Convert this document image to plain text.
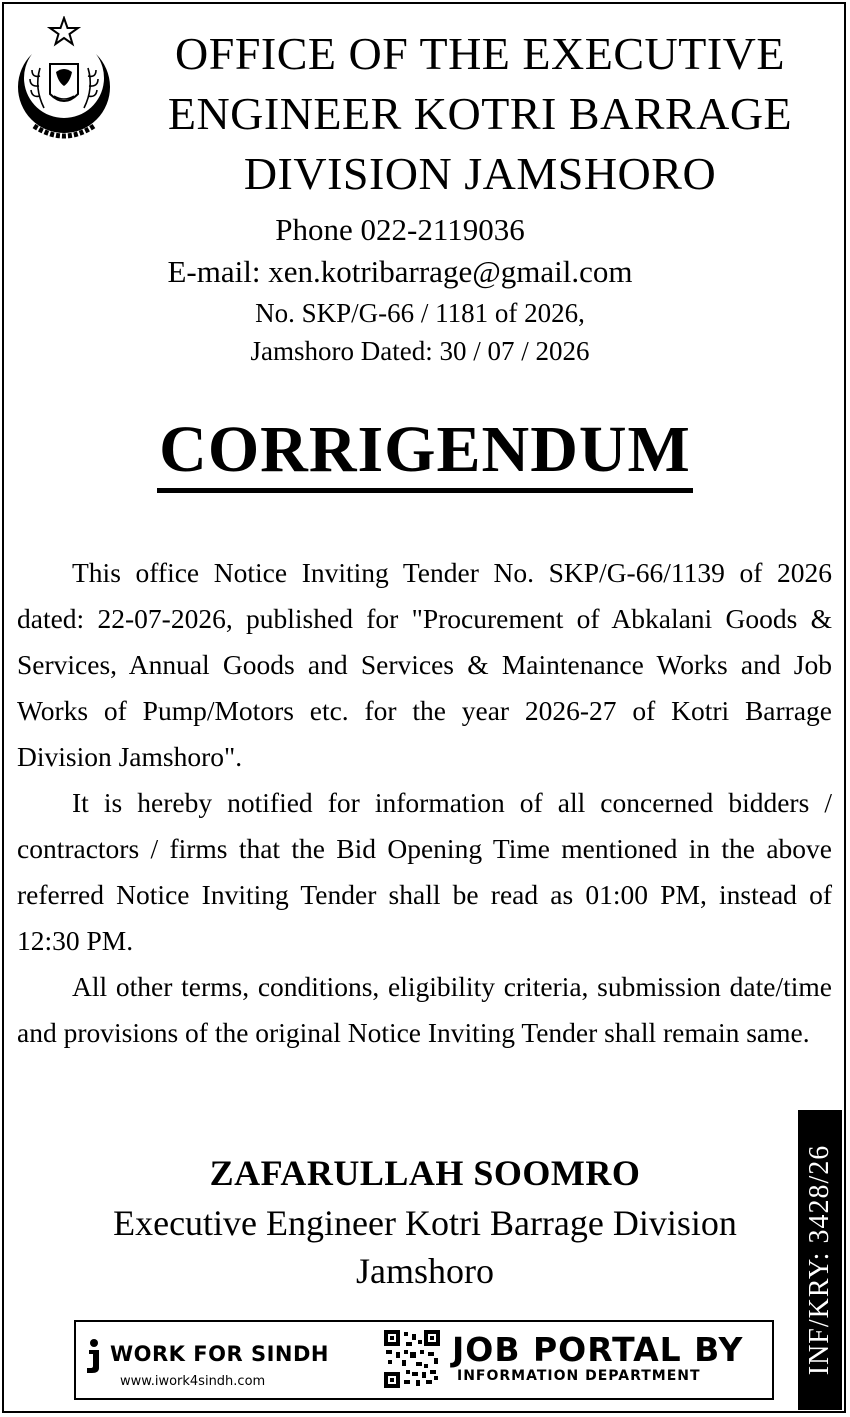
OFFICE OF THE EXECUTIVE
ENGINEER KOTRI BARRAGE
DIVISION JAMSHORO
Phone 022-2119036
E-mail: xen.kotribarrage@gmail.com
No. SKP/G-66 / 1181 of 2026,
Jamshoro Dated: 30 / 07 / 2026
CORRIGENDUM

This office Notice Inviting Tender No. SKP/G-66/1139 of 2026 dated: 22-07-2026, published for "Procurement of Abkalani Goods & Services, Annual Goods and Services & Maintenance Works and Job Works of Pump/Motors etc. for the year 2026-27 of Kotri Barrage Division Jamshoro".

It is hereby notified for information of all concerned bidders / contractors / firms that the Bid Opening Time mentioned in the above referred Notice Inviting Tender shall be read as 01:00 PM, instead of 12:30 PM.

All other terms, conditions, eligibility criteria, submission date/time and provisions of the original Notice Inviting Tender shall remain same.

ZAFARULLAH SOOMRO
Executive Engineer Kotri Barrage Division
Jamshoro	INF/KRY: 3428/26
WORK FOR SINDH
www.iwork4sindh.com
JOB PORTAL BY
INFORMATION DEPARTMENT
